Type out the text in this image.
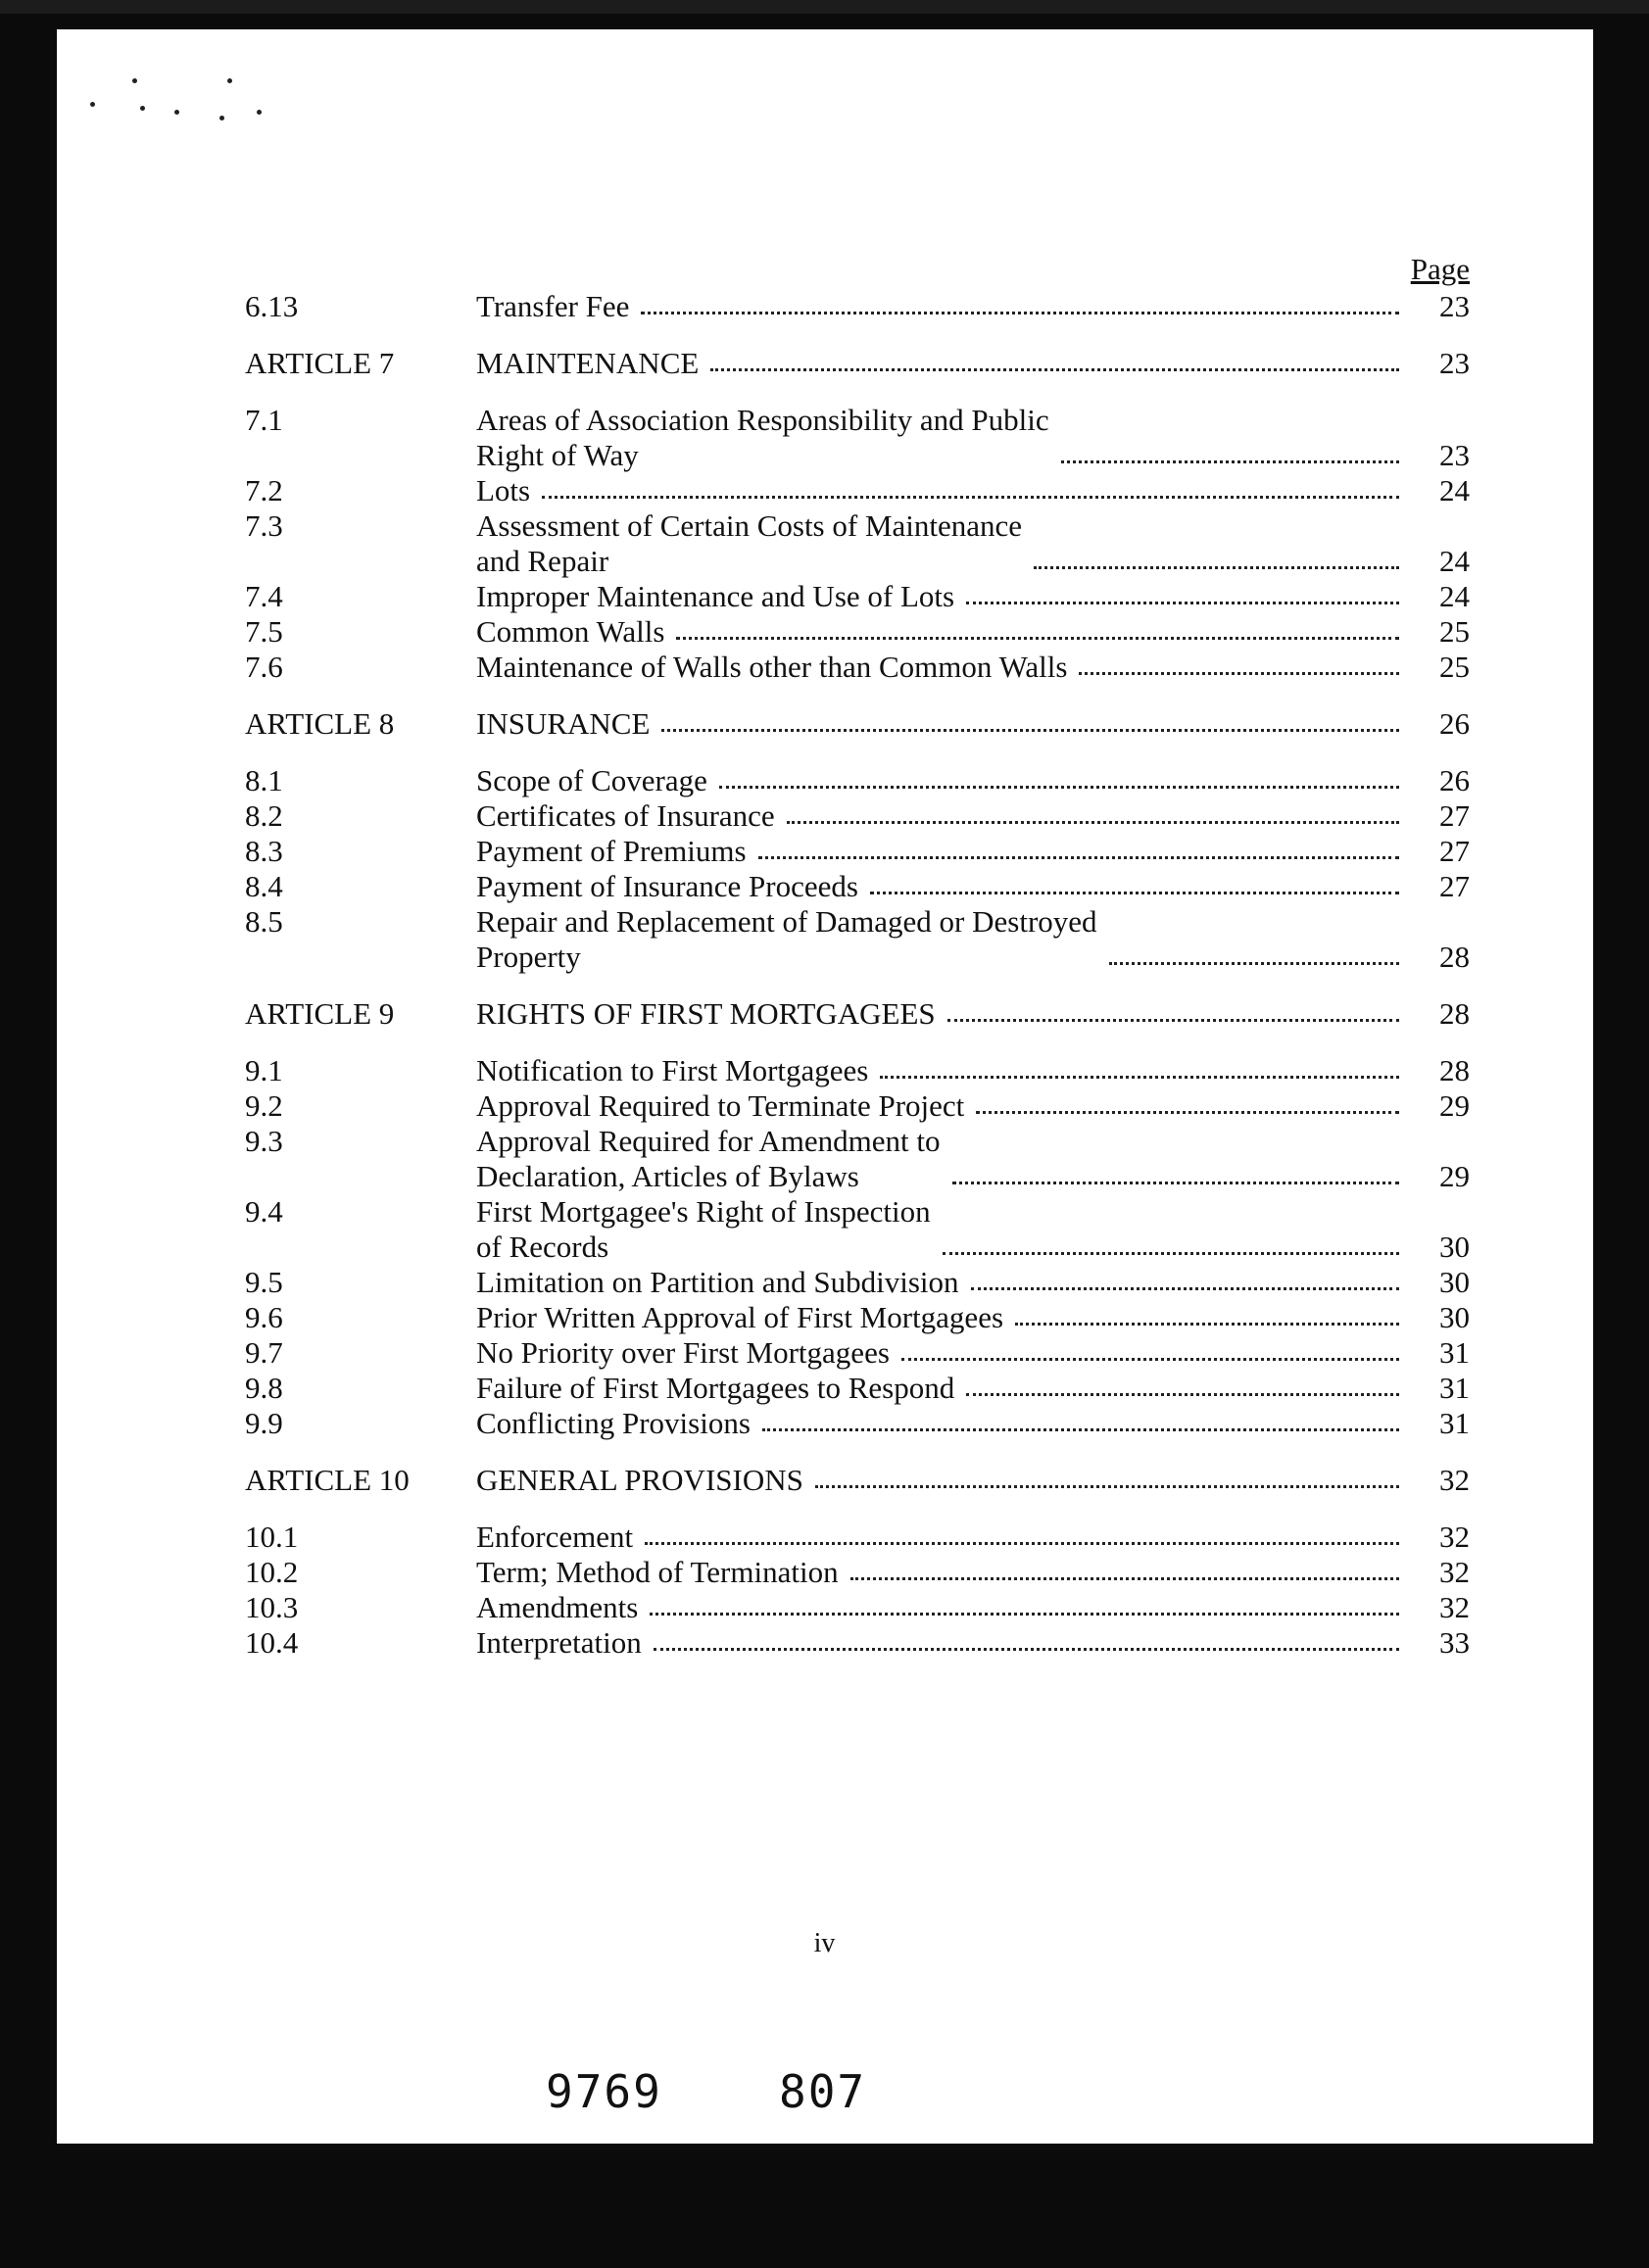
Page
6.13	Transfer Fee	23
ARTICLE 7	MAINTENANCE	23
7.1	Areas of Association Responsibility and Public
Right of Way	23
7.2	Lots	24
7.3	Assessment of Certain Costs of Maintenance
and Repair	24
7.4	Improper Maintenance and Use of Lots	24
7.5	Common Walls	25
7.6	Maintenance of Walls other than Common Walls	25
ARTICLE 8	INSURANCE	26
8.1	Scope of Coverage	26
8.2	Certificates of Insurance	27
8.3	Payment of Premiums	27
8.4	Payment of Insurance Proceeds	27
8.5	Repair and Replacement of Damaged or Destroyed
Property	28
ARTICLE 9	RIGHTS OF FIRST MORTGAGEES	28
9.1	Notification to First Mortgagees	28
9.2	Approval Required to Terminate Project	29
9.3	Approval Required for Amendment to
Declaration, Articles of Bylaws	29
9.4	First Mortgagee's Right of Inspection
of Records	30
9.5	Limitation on Partition and Subdivision	30
9.6	Prior Written Approval of First Mortgagees	30
9.7	No Priority over First Mortgagees	31
9.8	Failure of First Mortgagees to Respond	31
9.9	Conflicting Provisions	31
ARTICLE 10	GENERAL PROVISIONS	32
10.1	Enforcement	32
10.2	Term; Method of Termination	32
10.3	Amendments	32
10.4	Interpretation	33
iv
9769	807
